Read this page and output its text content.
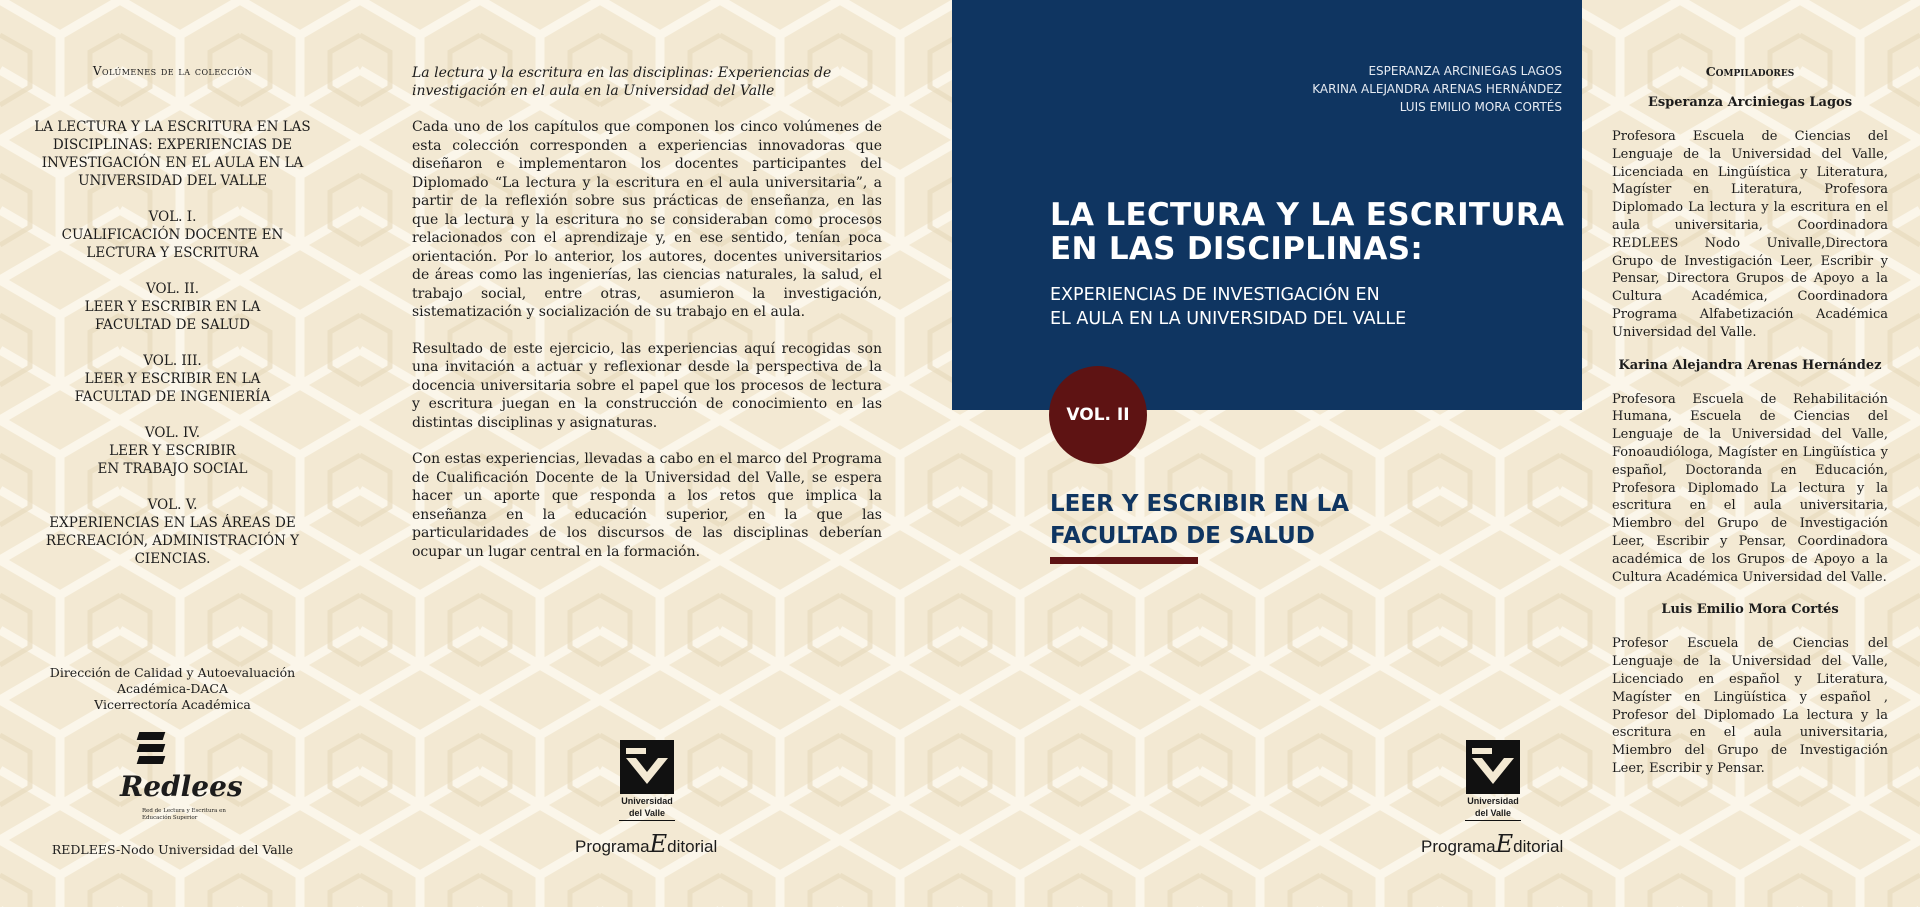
Volúmenes de la colección
LA LECTURA Y LA ESCRITURA EN LAS DISCIPLINAS: EXPERIENCIAS DE INVESTIGACIÓN EN EL AULA EN LA UNIVERSIDAD DEL VALLE
VOL. I.
CUALIFICACIÓN DOCENTE EN
LECTURA Y ESCRITURA
VOL. II.
LEER Y ESCRIBIR EN LA
FACULTAD DE SALUD
VOL. III.
LEER Y ESCRIBIR EN LA
FACULTAD DE INGENIERÍA
VOL. IV.
LEER Y ESCRIBIR
EN TRABAJO SOCIAL
VOL. V.
EXPERIENCIAS EN LAS ÁREAS DE
RECREACIÓN, ADMINISTRACIÓN Y
CIENCIAS.
Dirección de Calidad y Autoevaluación
Académica-DACA
Vicerrectoría Académica
Redlees
Red de Lectura y Escritura en Educación Superior
REDLEES-Nodo Universidad del Valle
La lectura y la escritura en las disciplinas: Experiencias de investigación en el aula en la Universidad del Valle

Cada uno de los capítulos que componen los cinco volúmenes de esta colección corresponden a experiencias innovadoras que diseñaron e implementaron los docentes participantes del Diplomado “La lectura y la escritura en el aula universitaria”, a partir de la reflexión sobre sus prácticas de enseñanza, en las que la lectura y la escritura no se consideraban como procesos relacionados con el aprendizaje y, en ese sentido, tenían poca orientación. Por lo anterior, los autores, docentes universitarios de áreas como las ingenierías, las ciencias naturales, la salud, el trabajo social, entre otras, asumieron la investigación, sistematización y socialización de su trabajo en el aula.

Resultado de este ejercicio, las experiencias aquí recogidas son una invitación a actuar y reflexionar desde la perspectiva de la docencia universitaria sobre el papel que los procesos de lectura y escritura juegan en la construcción de conocimiento en las distintas disciplinas y asignaturas.

Con estas experiencias, llevadas a cabo en el marco del Programa de Cualificación Docente de la Universidad del Valle, se espera hacer un aporte que responda a los retos que implica la enseñanza en la educación superior, en la que las particularidades de los discursos de las disciplinas deberían ocupar un lugar central en la formación.

Universidad
del Valle
ProgramaEditorial
ESPERANZA ARCINIEGAS LAGOS
KARINA ALEJANDRA ARENAS HERNÁNDEZ
LUIS EMILIO MORA CORTÉS
LA LECTURA Y LA ESCRITURA
EN LAS DISCIPLINAS:
EXPERIENCIAS DE INVESTIGACIÓN EN
EL AULA EN LA UNIVERSIDAD DEL VALLE
VOL. II
LEER Y ESCRIBIR EN LA
FACULTAD DE SALUD
Universidad
del Valle
ProgramaEditorial
Compiladores
Esperanza Arciniegas Lagos
Profesora Escuela de Ciencias del Lenguaje de la Universidad del Valle, Licenciada en Lingüística y Literatura, Magíster en Literatura, Profesora Diplomado La lectura y la escritura en el aula universitaria, Coordinadora REDLEES Nodo Univalle,Directora Grupo de Investigación Leer, Escribir y Pensar, Directora Grupos de Apoyo a la Cultura Académica, Coordinadora Programa Alfabetización Académica Universidad del Valle.
Karina Alejandra Arenas Hernández
Profesora Escuela de Rehabilitación Humana, Escuela de Ciencias del Lenguaje de la Universidad del Valle, Fonoaudióloga, Magíster en Lingüística y español, Doctoranda en Educación, Profesora Diplomado La lectura y la escritura en el aula universitaria, Miembro del Grupo de Investigación Leer, Escribir y Pensar, Coordinadora académica de los Grupos de Apoyo a la Cultura Académica Universidad del Valle.
Luis Emilio Mora Cortés
Profesor Escuela de Ciencias del Lenguaje de la Universidad del Valle, Licenciado en español y Literatura, Magíster en Lingüística y español , Profesor del Diplomado La lectura y la escritura en el aula universitaria, Miembro del Grupo de Investigación Leer, Escribir y Pensar.
